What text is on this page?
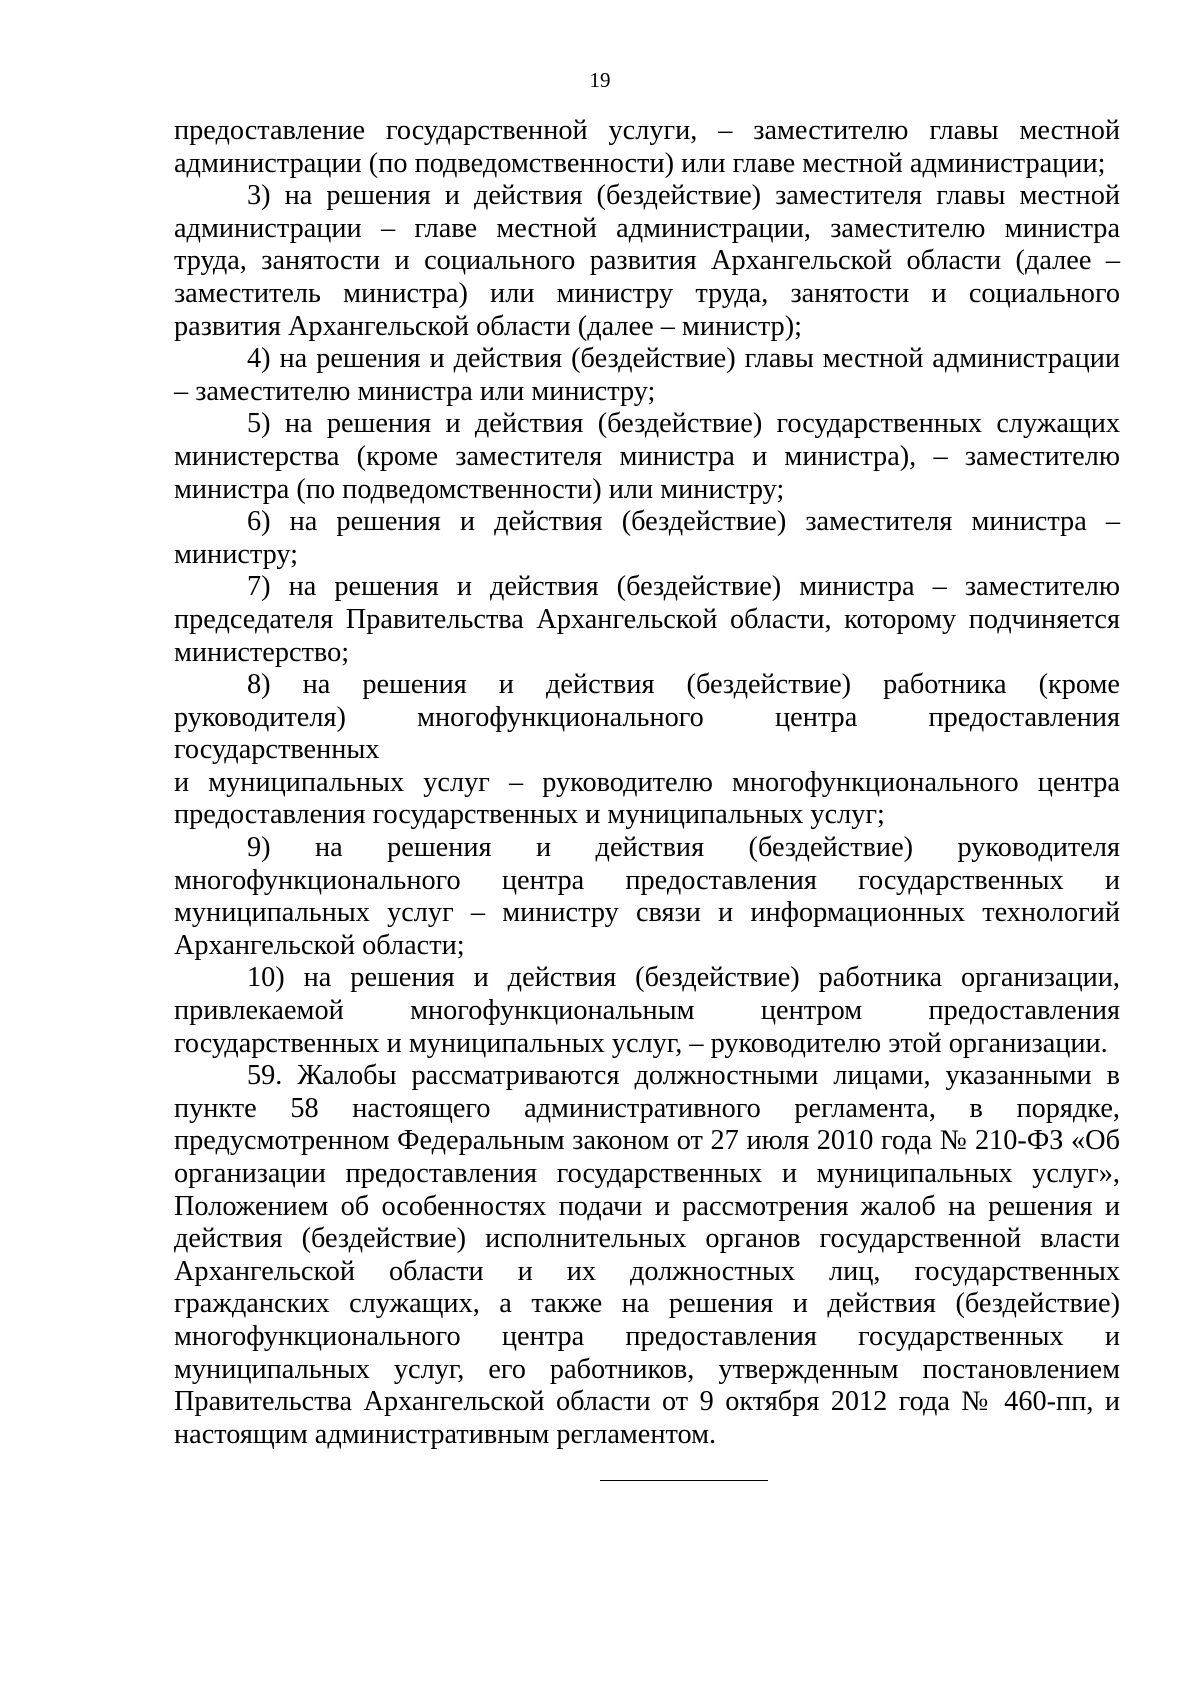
19

предоставление государственной услуги, – заместителю главы местной администрации (по подведомственности) или главе местной администрации;

3) на решения и действия (бездействие) заместителя главы местной администрации – главе местной администрации, заместителю министра труда, занятости и социального развития Архангельской области (далее – заместитель министра) или министру труда, занятости и социального развития Архангельской области (далее – министр);

4) на решения и действия (бездействие) главы местной администрации – заместителю министра или министру;

5) на решения и действия (бездействие) государственных служащих министерства (кроме заместителя министра и министра), – заместителю министра (по подведомственности) или министру;

6) на решения и действия (бездействие) заместителя министра – министру;

7) на решения и действия (бездействие) министра – заместителю председателя Правительства Архангельской области, которому подчиняется министерство;

8) на решения и действия (бездействие) работника (кроме руководителя) многофункционального центра предоставления государственных

и муниципальных услуг – руководителю многофункционального центра предоставления государственных и муниципальных услуг;

9) на решения и действия (бездействие) руководителя многофункционального центра предоставления государственных и муниципальных услуг – министру связи и информационных технологий Архангельской области;

10) на решения и действия (бездействие) работника организации, привлекаемой многофункциональным центром предоставления государственных и муниципальных услуг, – руководителю этой организации.

59. Жалобы рассматриваются должностными лицами, указанными в пункте 58 настоящего административного регламента, в порядке, предусмотренном Федеральным законом от 27 июля 2010 года № 210-ФЗ «Об организации предоставления государственных и муниципальных услуг», Положением об особенностях подачи и рассмотрения жалоб на решения и действия (бездействие) исполнительных органов государственной власти Архангельской области и их должностных лиц, государственных гражданских служащих, а также на решения и действия (бездействие) многофункционального центра предоставления государственных и муниципальных услуг, его работников, утвержденным постановлением Правительства Архангельской области от 9 октября 2012 года № 460-пп, и настоящим административным регламентом.
